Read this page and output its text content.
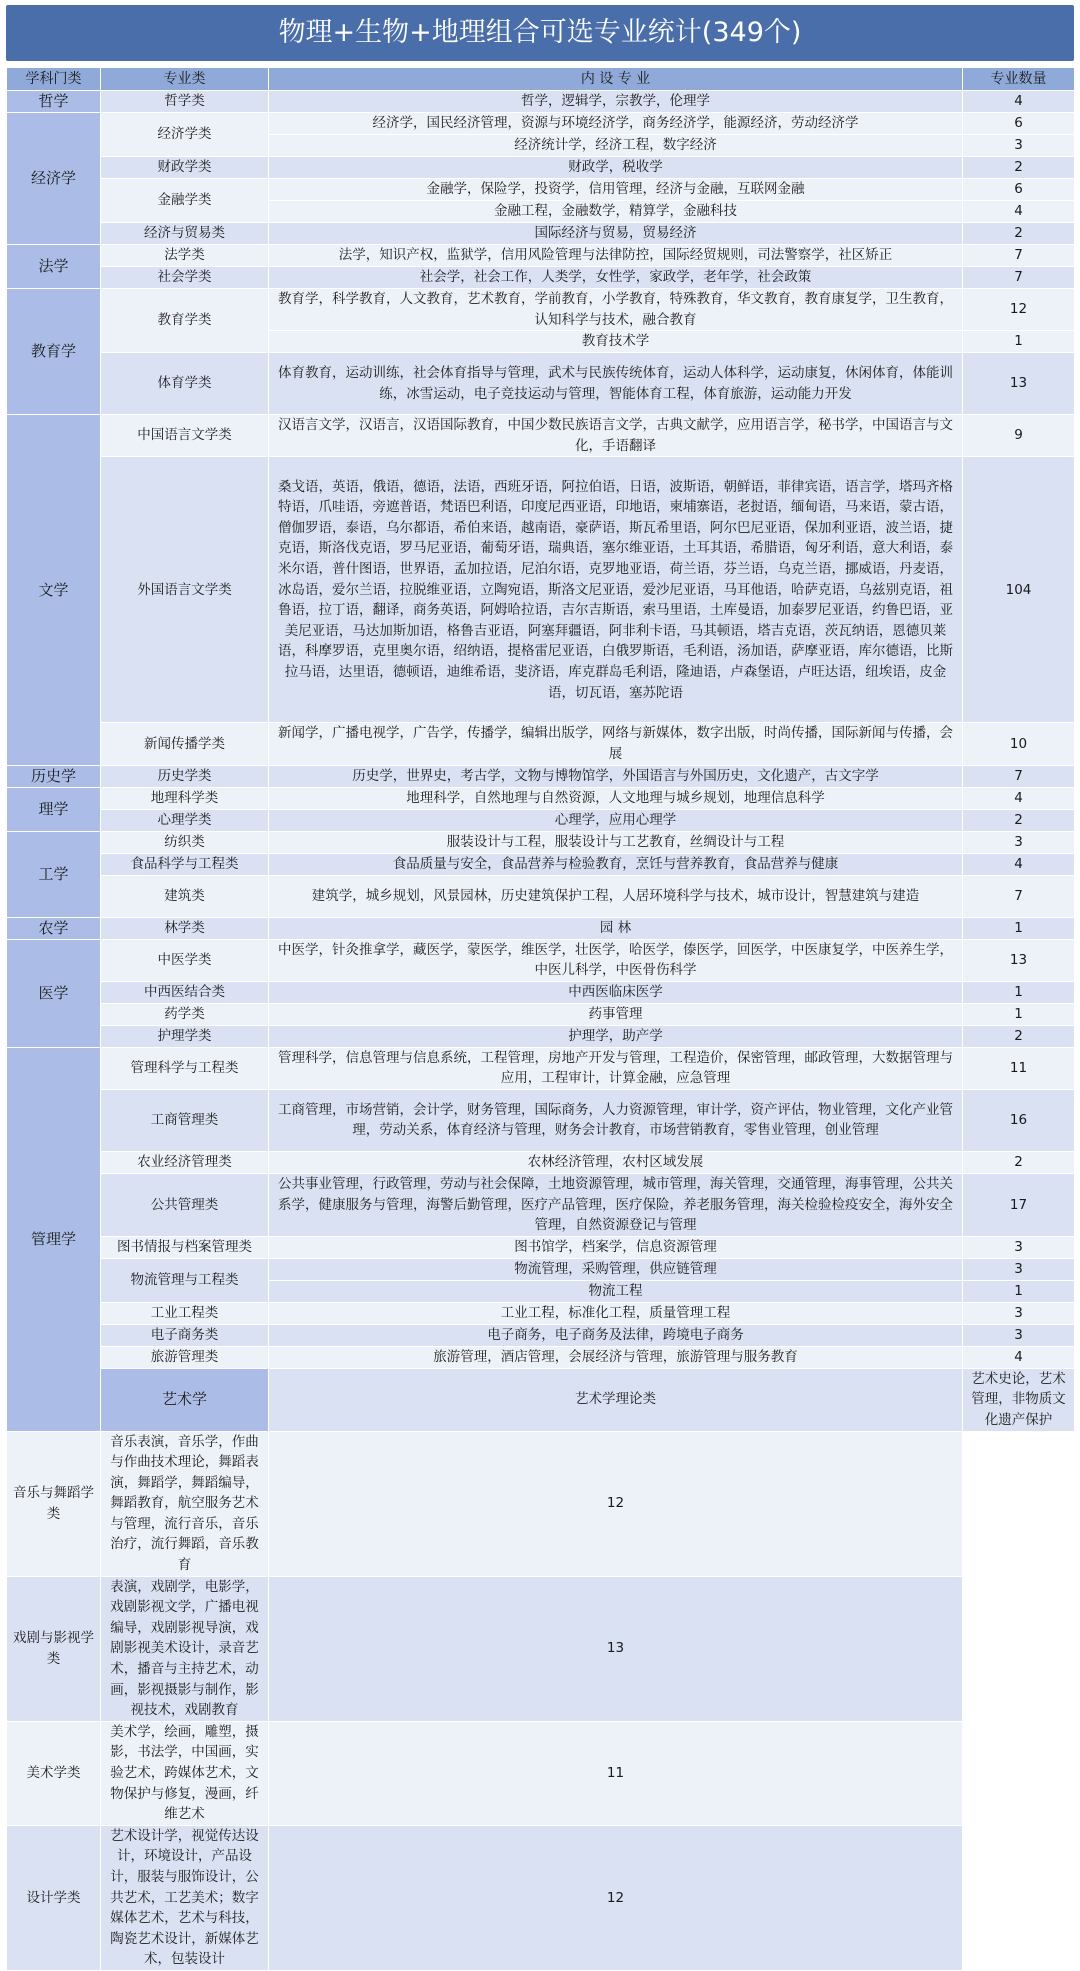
物理+生物+地理组合可选专业统计(349个)
学科门类	专业类	内 设 专 业	专业数量	
哲学	哲学类	哲学，逻辑学，宗教学，伦理学	4	
经济学	经济学类	经济学，国民经济管理，资源与环境经济学，商务经济学，能源经济，劳动经济学	6	
		经济统计学，经济工程，数字经济	3	
	财政学类	财政学，税收学	2	
	金融学类	金融学，保险学，投资学，信用管理，经济与金融，互联网金融	6	
		金融工程，金融数学，精算学，金融科技	4	
	经济与贸易类	国际经济与贸易，贸易经济	2	
法学	法学类	法学，知识产权，监狱学，信用风险管理与法律防控，国际经贸规则，司法警察学，社区矫正	7	
	社会学类	社会学，社会工作，人类学，女性学，家政学，老年学，社会政策	7	
教育学	教育学类	教育学，科学教育，人文教育，艺术教育，学前教育，小学教育，特殊教育，华文教育，教育康复学，卫生教育，认知科学与技术，融合教育	12	
		教育技术学	1	
	体育学类	体育教育，运动训练，社会体育指导与管理，武术与民族传统体育，运动人体科学，运动康复，休闲体育，体能训练，冰雪运动，电子竞技运动与管理，智能体育工程，体育旅游，运动能力开发	13	
文学	中国语言文学类	汉语言文学，汉语言，汉语国际教育，中国少数民族语言文学，古典文献学，应用语言学，秘书学，中国语言与文化，手语翻译	9	
	外国语言文学类	桑戈语，英语，俄语，德语，法语，西班牙语，阿拉伯语，日语，波斯语，朝鲜语，菲律宾语，语言学，塔玛齐格特语，爪哇语，旁遮普语，梵语巴利语，印度尼西亚语，印地语，柬埔寨语，老挝语，缅甸语，马来语，蒙古语，僧伽罗语，泰语，乌尔都语，希伯来语，越南语，豪萨语，斯瓦希里语，阿尔巴尼亚语，保加利亚语，波兰语，捷克语，斯洛伐克语，罗马尼亚语，葡萄牙语，瑞典语，塞尔维亚语，土耳其语，希腊语，匈牙利语，意大利语，泰米尔语，普什图语，世界语，孟加拉语，尼泊尔语，克罗地亚语，荷兰语，芬兰语，乌克兰语，挪威语，丹麦语，冰岛语，爱尔兰语，拉脱维亚语，立陶宛语，斯洛文尼亚语，爱沙尼亚语，马耳他语，哈萨克语，乌兹别克语，祖鲁语，拉丁语，翻译，商务英语，阿姆哈拉语，吉尔吉斯语，索马里语，土库曼语，加泰罗尼亚语，约鲁巴语，亚美尼亚语，马达加斯加语，格鲁吉亚语，阿塞拜疆语，阿非利卡语，马其顿语，塔吉克语，茨瓦纳语，恩德贝莱语，科摩罗语，克里奥尔语，绍纳语，提格雷尼亚语，白俄罗斯语，毛利语，汤加语，萨摩亚语，库尔德语，比斯拉马语，达里语，德顿语，迪维希语，斐济语，库克群岛毛利语，隆迪语，卢森堡语，卢旺达语，纽埃语，皮金语，切瓦语，塞苏陀语	104	
	新闻传播学类	新闻学，广播电视学，广告学，传播学，编辑出版学，网络与新媒体，数字出版，时尚传播，国际新闻与传播，会展	10	
历史学	历史学类	历史学，世界史，考古学，文物与博物馆学，外国语言与外国历史，文化遗产，古文字学	7	
理学	地理科学类	地理科学，自然地理与自然资源，人文地理与城乡规划，地理信息科学	4	
	心理学类	心理学，应用心理学	2	
工学	纺织类	服装设计与工程，服装设计与工艺教育，丝绸设计与工程	3	
	食品科学与工程类	食品质量与安全，食品营养与检验教育，烹饪与营养教育，食品营养与健康	4	
	建筑类	建筑学，城乡规划，风景园林，历史建筑保护工程，人居环境科学与技术，城市设计，智慧建筑与建造	7	
农学	林学类	园 林	1	
医学	中医学类	中医学，针灸推拿学，藏医学，蒙医学，维医学，壮医学，哈医学，傣医学，回医学，中医康复学，中医养生学，中医儿科学，中医骨伤科学	13	
	中西医结合类	中西医临床医学	1	
	药学类	药事管理	1	
	护理学类	护理学，助产学	2	
管理学	管理科学与工程类	管理科学，信息管理与信息系统，工程管理，房地产开发与管理，工程造价，保密管理，邮政管理，大数据管理与应用，工程审计，计算金融，应急管理	11	
	工商管理类	工商管理，市场营销，会计学，财务管理，国际商务，人力资源管理，审计学，资产评估，物业管理，文化产业管理，劳动关系，体育经济与管理，财务会计教育，市场营销教育，零售业管理，创业管理	16	
	农业经济管理类	农林经济管理，农村区域发展	2	
	公共管理类	公共事业管理，行政管理，劳动与社会保障，土地资源管理，城市管理，海关管理，交通管理，海事管理，公共关系学，健康服务与管理，海警后勤管理，医疗产品管理，医疗保险，养老服务管理，海关检验检疫安全，海外安全管理，自然资源登记与管理	17	
	图书情报与档案管理类	图书馆学，档案学，信息资源管理	3	
	物流管理与工程类	物流管理，采购管理，供应链管理	3	
		物流工程	1	
	工业工程类	工业工程，标准化工程，质量管理工程	3	
	电子商务类	电子商务，电子商务及法律，跨境电子商务	3	
	旅游管理类	旅游管理，酒店管理，会展经济与管理，旅游管理与服务教育	4	
	艺术学	艺术学理论类	艺术史论，艺术管理，非物质文化遗产保护	
音乐与舞蹈学类	音乐表演，音乐学，作曲与作曲技术理论，舞蹈表演，舞蹈学，舞蹈编导，舞蹈教育，航空服务艺术与管理，流行音乐，音乐治疗，流行舞蹈，音乐教育	12		
戏剧与影视学类	表演，戏剧学，电影学，戏剧影视文学，广播电视编导，戏剧影视导演，戏剧影视美术设计，录音艺术，播音与主持艺术，动画，影视摄影与制作，影视技术，戏剧教育	13		
美术学类	美术学，绘画，雕塑，摄影，书法学，中国画，实验艺术，跨媒体艺术，文物保护与修复，漫画，纤维艺术	11		
设计学类	艺术设计学，视觉传达设计，环境设计，产品设计，服装与服饰设计，公共艺术，工艺美术；数字媒体艺术，艺术与科技，陶瓷艺术设计，新媒体艺术，包装设计	12		
